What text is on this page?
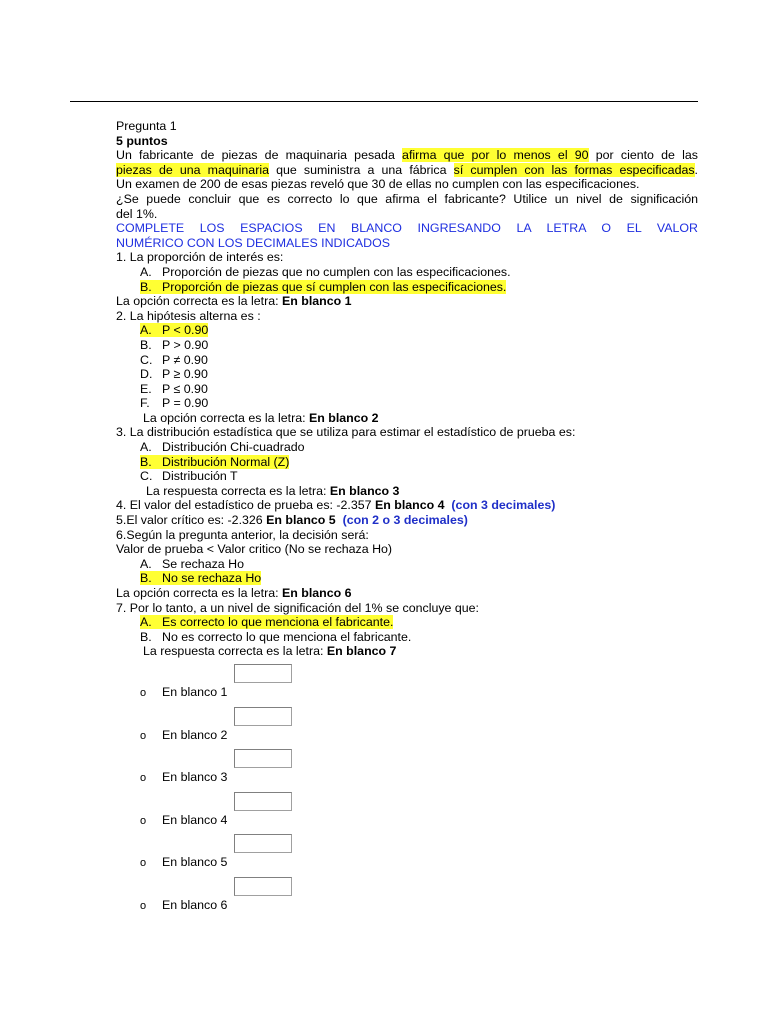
Pregunta 1
5 puntos
Un fabricante de piezas de maquinaria pesada afirma que por lo menos el 90 por ciento de las
piezas de una maquinaria que suministra a una fábrica sí cumplen con las formas especificadas.
Un examen de 200 de esas piezas reveló que 30 de ellas no cumplen con las especificaciones.
¿Se puede concluir que es correcto lo que afirma el fabricante? Utilice un nivel de significación
del 1%.
COMPLETE LOS ESPACIOS EN BLANCO INGRESANDO LA LETRA O EL VALOR
NUMÉRICO CON LOS DECIMALES INDICADOS
1. La proporción de interés es:
A. Proporción de piezas que no cumplen con las especificaciones.
B. Proporción de piezas que sí cumplen con las especificaciones.
La opción correcta es la letra: En blanco 1
2. La hipótesis alterna es :
A. P < 0.90
B. P > 0.90
C. P ≠ 0.90
D. P ≥ 0.90
E. P ≤ 0.90
F. P = 0.90
La opción correcta es la letra: En blanco 2
3. La distribución estadística que se utiliza para estimar el estadístico de prueba es:
A. Distribución Chi-cuadrado
B. Distribución Normal (Z)
C. Distribución T
La respuesta correcta es la letra: En blanco 3
4. El valor del estadístico de prueba es: -2.357 En blanco 4 (con 3 decimales)
5.El valor crítico es: -2.326 En blanco 5 (con 2 o 3 decimales)
6.Según la pregunta anterior, la decisión será:
Valor de prueba < Valor critico (No se rechaza Ho)
A. Se rechaza Ho
B. No se rechaza Ho
La opción correcta es la letra: En blanco 6
7. Por lo tanto, a un nivel de significación del 1% se concluye que:
A. Es correcto lo que menciona el fabricante.
B. No es correcto lo que menciona el fabricante.
La respuesta correcta es la letra: En blanco 7
o En blanco 1
o En blanco 2
o En blanco 3
o En blanco 4
o En blanco 5
o En blanco 6
